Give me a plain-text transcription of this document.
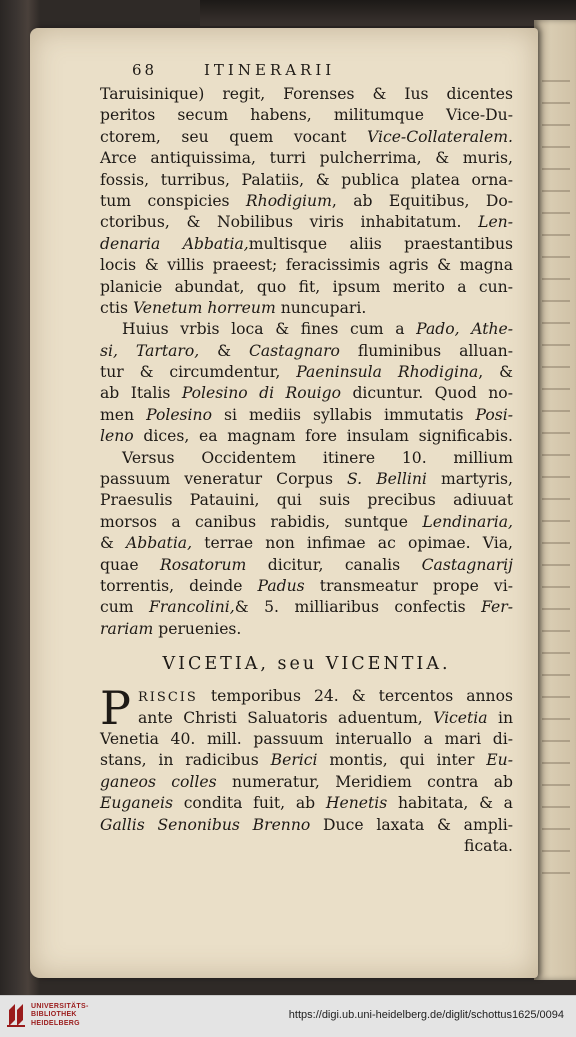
68	ITINERARII
Taruisinique) regit, Forenses & Ius dicentes
peritos secum habens, militumque Vice-Du-
ctorem, seu quem vocant Vice-Collateralem.
Arce antiquissima, turri pulcherrima, & muris,
fossis, turribus, Palatiis, & publica platea orna-
tum conspicies Rhodigium, ab Equitibus, Do-
ctoribus, & Nobilibus viris inhabitatum. Len-
denaria Abbatia,multisque aliis praestantibus
locis & villis praeest; feracissimis agris & magna
planicie abundat, quo fit, ipsum merito a cun-
ctis Venetum horreum nuncupari.
Huius vrbis loca & fines cum a Pado, Athe-
si, Tartaro, & Castagnaro fluminibus alluan-
tur & circumdentur, Paeninsula Rhodigina, &
ab Italis Polesino di Rouigo dicuntur. Quod no-
men Polesino si mediis syllabis immutatis Posi-
leno dices, ea magnam fore insulam significabis.
Versus Occidentem itinere 10. millium
passuum veneratur Corpus S. Bellini martyris,
Praesulis Patauini, qui suis precibus adiuuat
morsos a canibus rabidis, suntque Lendinaria,
& Abbatia, terrae non infimae ac opimae. Via,
quae Rosatorum dicitur, canalis Castagnarij
torrentis, deinde Padus transmeatur prope vi-
cum Francolini,& 5. milliaribus confectis Fer-
rariam peruenies.
VICETIA, seu VICENTIA.
P RISCIS temporibus 24. & tercentos annos
ante Christi Saluatoris aduentum, Vicetia in
Venetia 40. mill. passuum interuallo a mari di-
stans, in radicibus Berici montis, qui inter Eu-
ganeos colles numeratur, Meridiem contra ab
Euganeis condita fuit, ab Henetis habitata, & a
Gallis Senonibus Brenno Duce laxata & ampli-
ficata.
UNIVERSITÄTS-
BIBLIOTHEK
HEIDELBERG
https://digi.ub.uni-heidelberg.de/diglit/schottus1625/0094
